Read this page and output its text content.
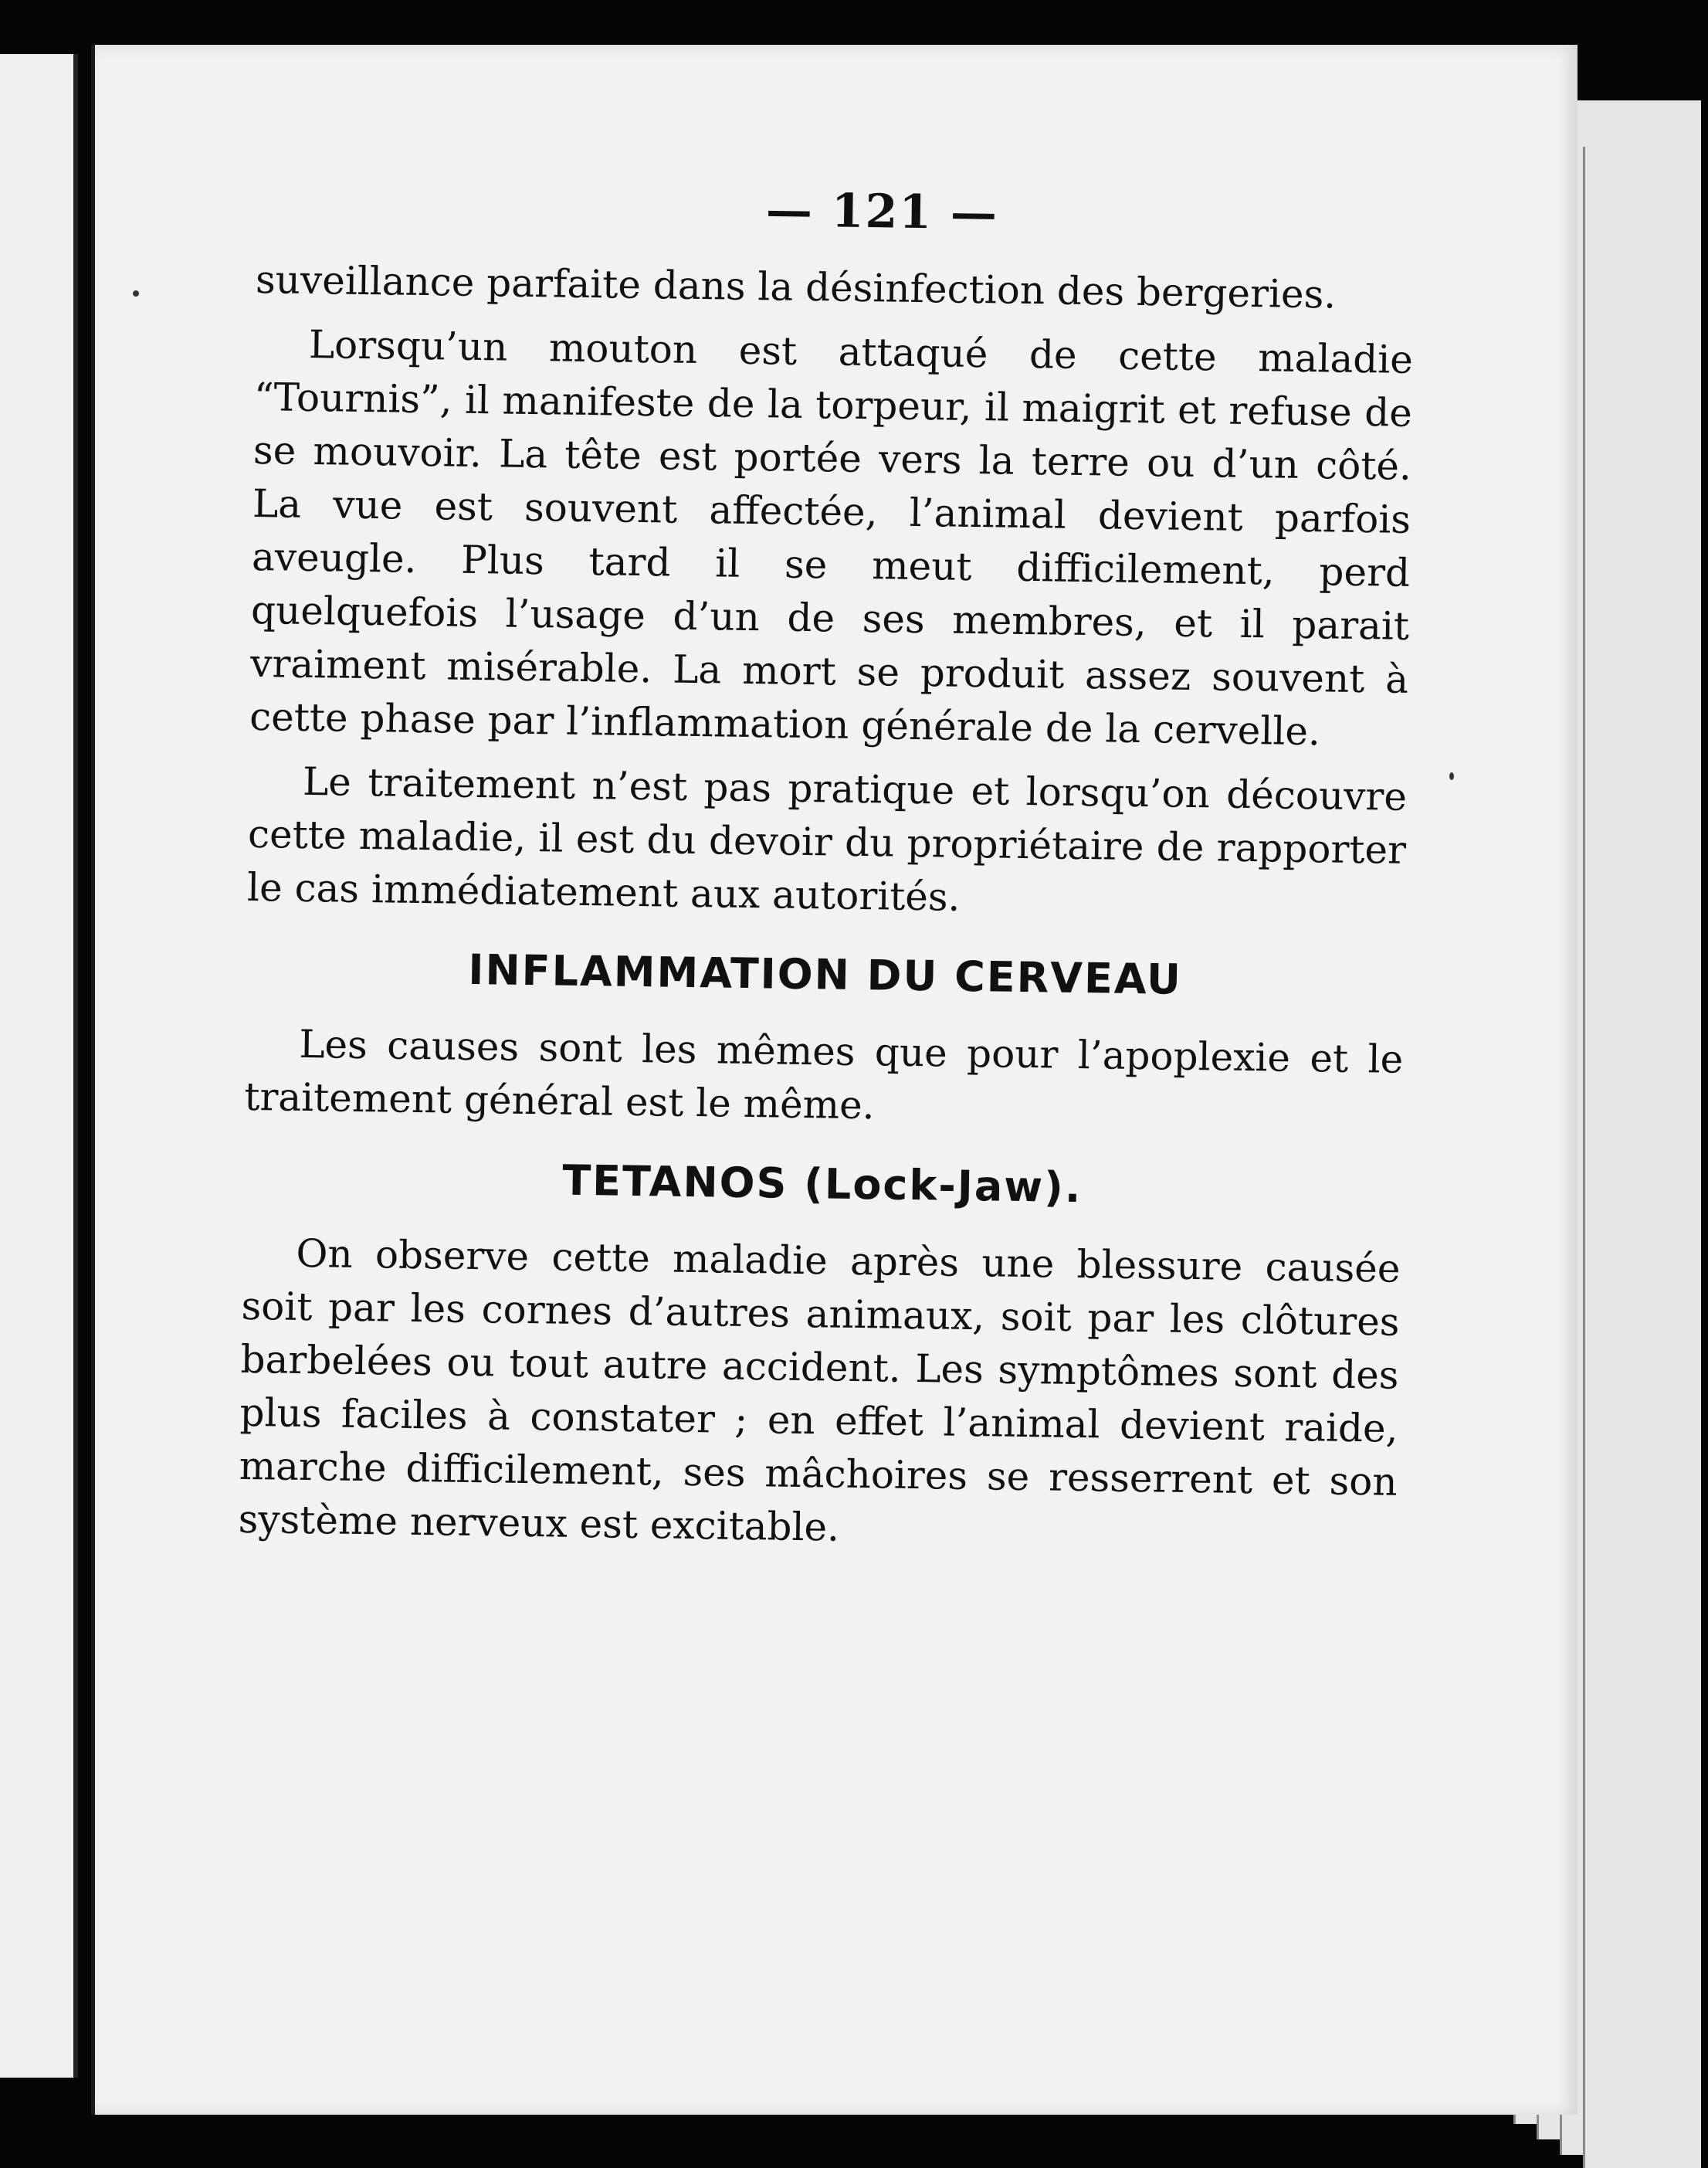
— 121 —

suveillance parfaite dans la désinfection des bergeries.

Lorsqu’un mouton est attaqué de cette maladie “Tournis”, il manifeste de la torpeur, il maigrit et refuse de se mouvoir. La tête est portée vers la terre ou d’un côté. La vue est souvent affectée, l’animal devient parfois aveugle. Plus tard il se meut difficilement, perd quelquefois l’usage d’un de ses membres, et il parait vraiment misérable. La mort se produit assez souvent à cette phase par l’inflammation générale de la cervelle.

Le traitement n’est pas pratique et lorsqu’on découvre cette maladie, il est du devoir du propriétaire de rapporter le cas immédiatement aux autorités.

INFLAMMATION DU CERVEAU

Les causes sont les mêmes que pour l’apoplexie et le traitement général est le même.

TETANOS (Lock-Jaw).

On observe cette maladie après une blessure causée soit par les cornes d’autres animaux, soit par les clôtures barbelées ou tout autre accident. Les symptômes sont des plus faciles à constater ; en effet l’animal devient raide, marche difficilement, ses mâchoires se resserrent et son système nerveux est excitable.
